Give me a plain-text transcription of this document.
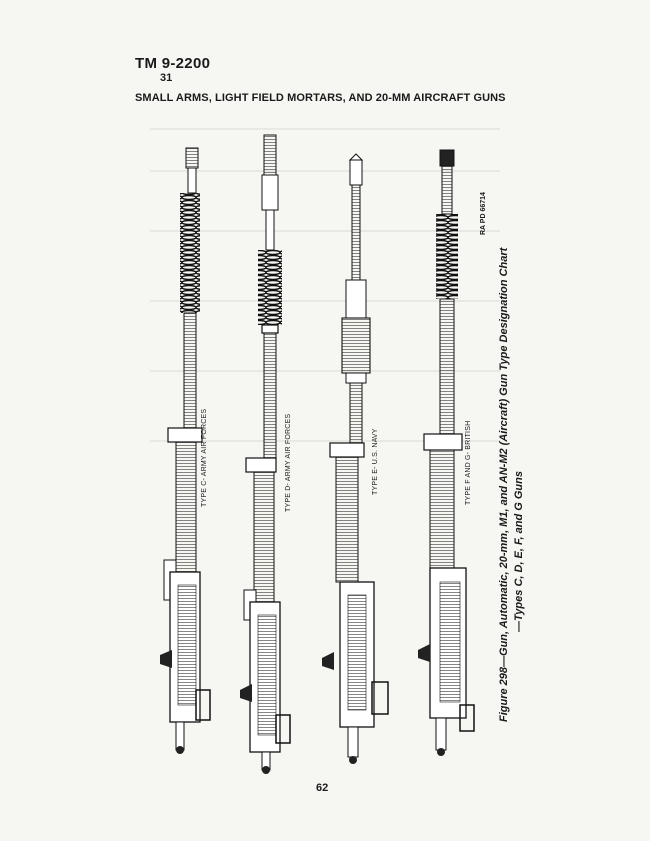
TM 9-2200
31
SMALL ARMS, LIGHT FIELD MORTARS, AND 20-MM AIRCRAFT GUNS
TYPE C- ARMY AIR FORCES	TYPE D- ARMY AIR FORCES	TYPE E- U.S. NAVY	TYPE F AND G- BRITISH
RA PD 66714
Figure 298—Gun, Automatic, 20-mm, M1, and AN-M2 (Aircraft) Gun Type Designation Chart —Types C, D, E, F, and G Guns
62
